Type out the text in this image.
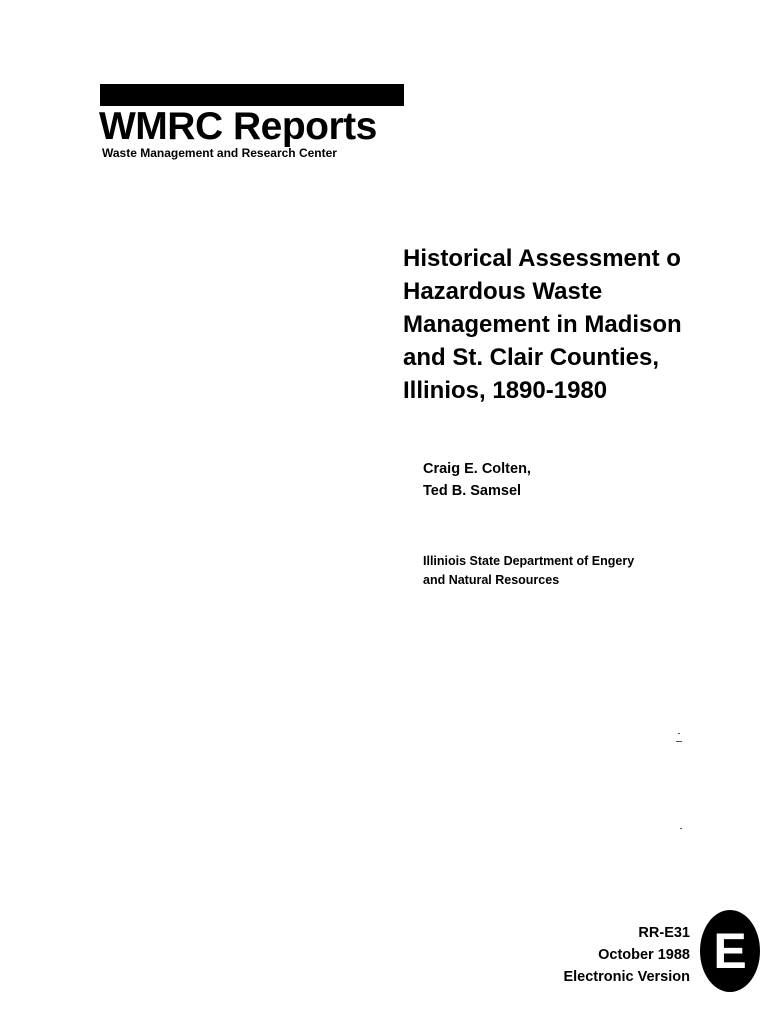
WMRC Reports
Waste Management and Research Center
Historical Assessment o
Hazardous Waste
Management in Madison
and St. Clair Counties,
Illinios, 1890-1980
Craig E. Colten,
Ted B. Samsel
Illiniois State Department of Engery
and Natural Resources
RR-E31
October 1988
Electronic Version E
